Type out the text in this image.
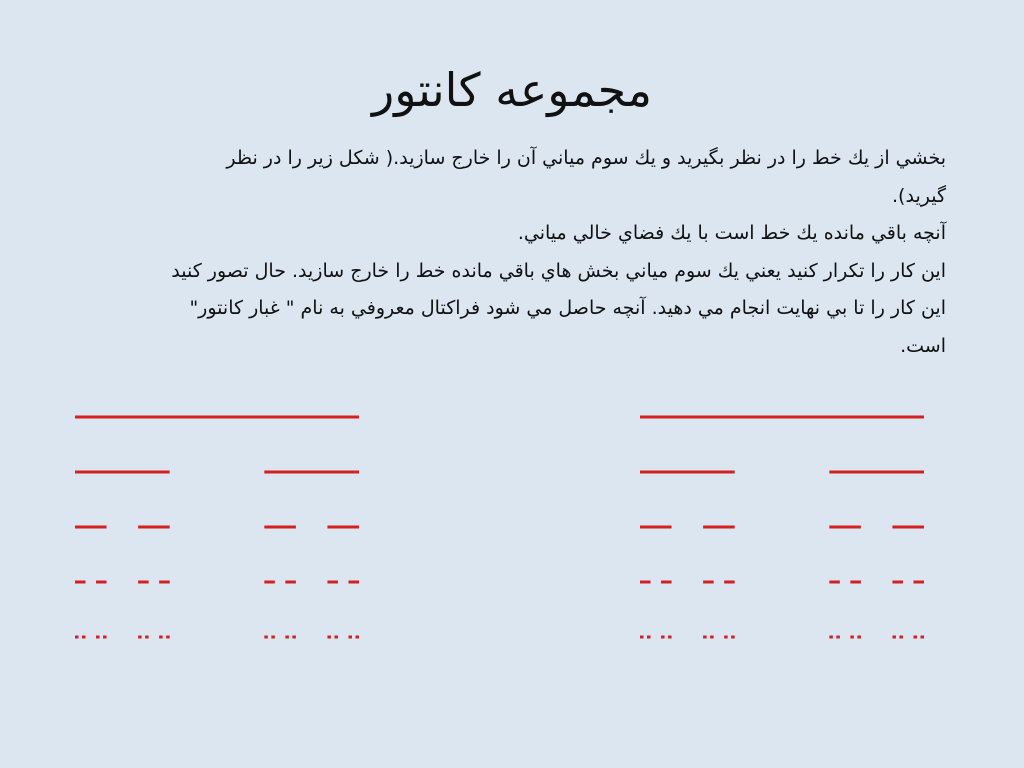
مجموعه کانتور

بخشي از يك خط را در نظر بگيريد و يك سوم مياني آن را خارج سازيد.( شكل زير را در نظر گيريد).

آنچه باقي مانده يك خط است با يك فضاي خالي مياني.

اين كار را تكرار كنيد يعني يك سوم مياني بخش هاي باقي مانده خط را خارج سازيد. حال تصور كنيد اين كار را تا بي نهايت انجام مي دهيد. آنچه حاصل مي شود فراكتال معروفي به نام " غبار كانتور" است.
